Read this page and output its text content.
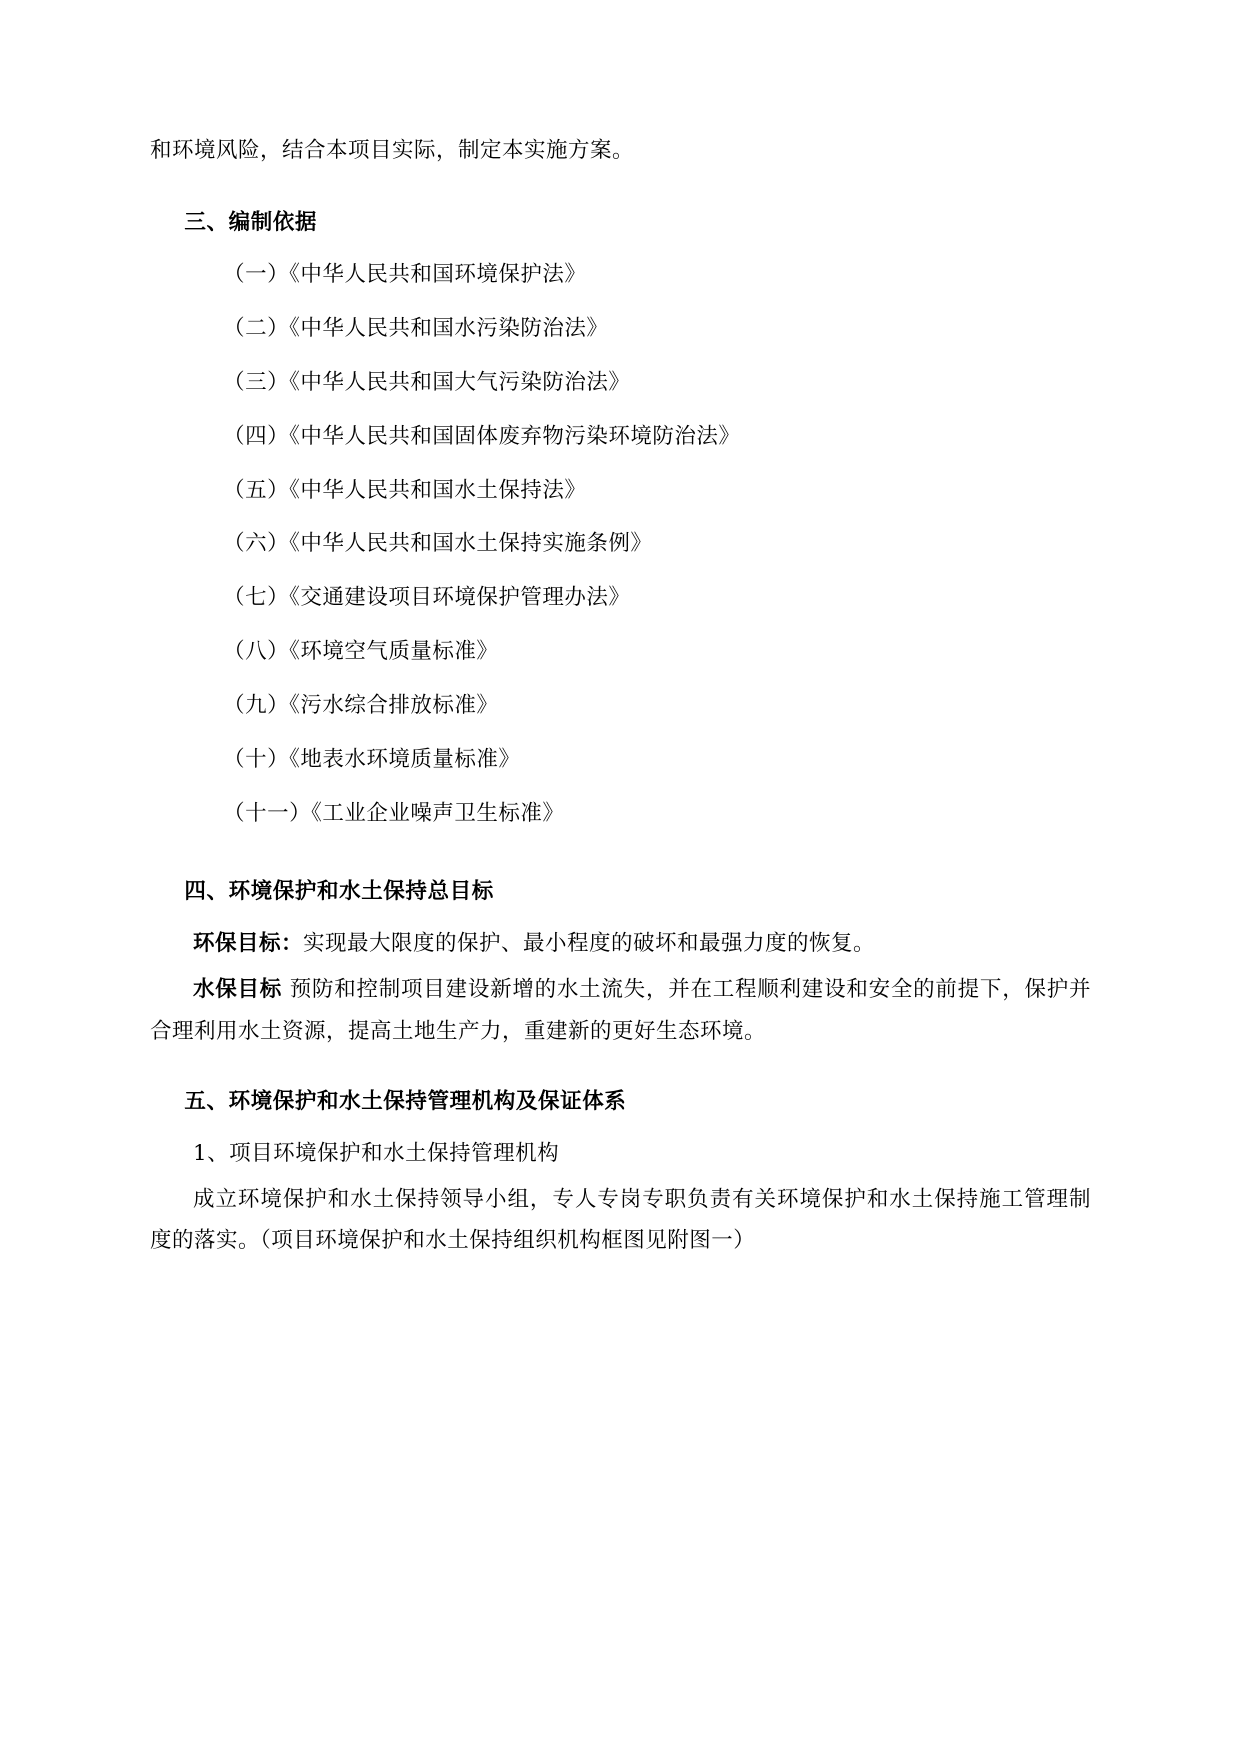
和环境风险，结合本项目实际，制定本实施方案。

三、编制依据

（一）《中华人民共和国环境保护法》

（二）《中华人民共和国水污染防治法》

（三）《中华人民共和国大气污染防治法》

（四）《中华人民共和国固体废弃物污染环境防治法》

（五）《中华人民共和国水土保持法》

（六）《中华人民共和国水土保持实施条例》

（七）《交通建设项目环境保护管理办法》

（八）《环境空气质量标准》

（九）《污水综合排放标准》

（十）《地表水环境质量标准》

（十一）《工业企业噪声卫生标准》

四、环境保护和水土保持总目标

环保目标：实现最大限度的保护、最小程度的破坏和最强力度的恢复。

水保目标 预防和控制项目建设新增的水土流失，并在工程顺利建设和安全的前提下，保护并合理利用水土资源，提高土地生产力，重建新的更好生态环境。

五、环境保护和水土保持管理机构及保证体系

1、项目环境保护和水土保持管理机构

成立环境保护和水土保持领导小组，专人专岗专职负责有关环境保护和水土保持施工管理制度的落实。（项目环境保护和水土保持组织机构框图见附图一）
